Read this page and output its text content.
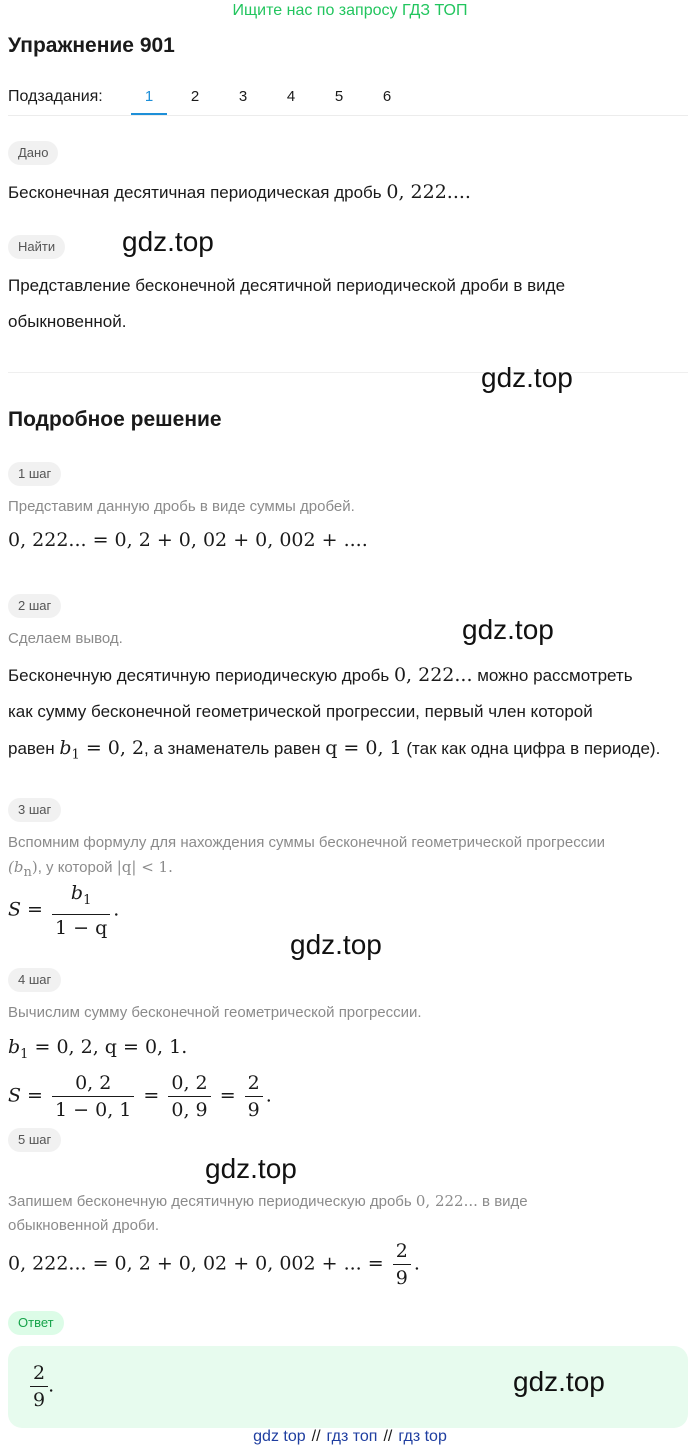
Ищите нас по запросу ГДЗ ТОП
Упражнение 901
Подзадания:	1	2	3	4	5	6
Дано
Бесконечная десятичная периодическая дробь 0, 222....
Найти
Представление бесконечной десятичной периодической дроби в виде
обыкновенной.
Подробное решение
1 шаг
Представим данную дробь в виде суммы дробей.
0, 222... = 0, 2 + 0, 02 + 0, 002 + ....
2 шаг
Сделаем вывод.
Бесконечную десятичную периодическую дробь 0, 222... можно рассмотреть
как сумму бесконечной геометрической прогрессии, первый член которой
равен $b_1 = 0$, 2, а знаменатель равен q = 0, 1 (так как одна цифра в периоде).
3 шаг
Вспомним формулу для нахождения суммы бесконечной геометрической прогрессии
$(b_n)$, у которой |q| < 1.
$S = \frac{b_1}{1 - q}$ .
4 шаг
Вычислим сумму бесконечной геометрической прогрессии.
$b_1 = 0$, 2, q = 0, 1.
$S = \frac{0, 2}{1 - 0, 1} = \frac{0, 2}{0, 9} = \frac{2}{9}$ .
5 шаг
Запишем бесконечную десятичную периодическую дробь 0, 222... в виде
обыкновенной дроби.
0, 222... = 0, 2 + 0, 02 + 0, 002 + ... = $\frac{2}{9}$ .
Ответ
$\frac{2}{9}$ .
gdz.top
gdz.top
gdz.top
gdz.top
gdz.top
gdz.top
gdz top // гдз топ // гдз top
